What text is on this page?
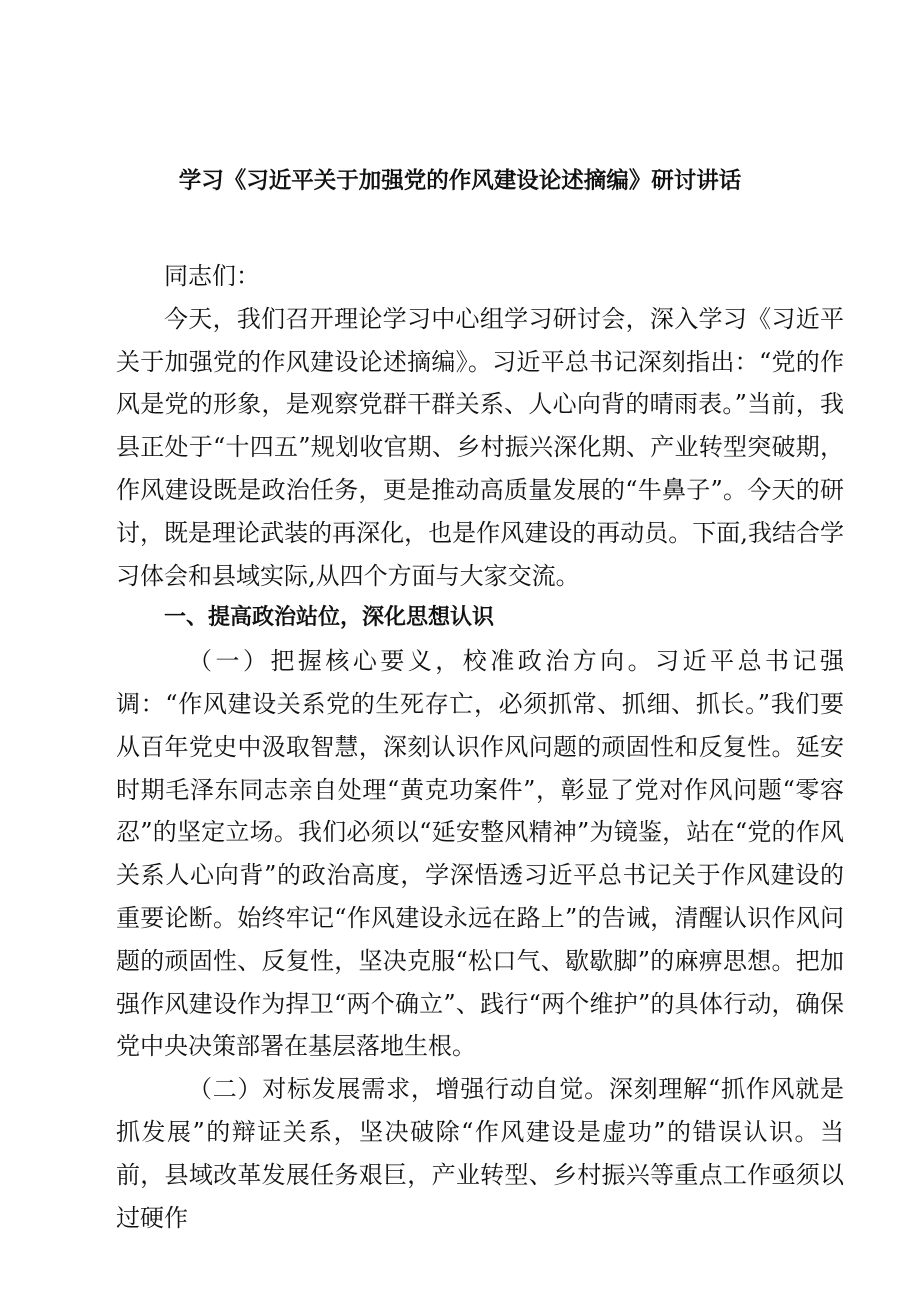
学习《习近平关于加强党的作风建设论述摘编》研讨讲话

同志们：

今天，我们召开理论学习中心组学习研讨会，深入学习《习近平关于加强党的作风建设论述摘编》。习近平总书记深刻指出：“党的作风是党的形象，是观察党群干群关系、人心向背的晴雨表。”当前，我县正处于“十四五”规划收官期、乡村振兴深化期、产业转型突破期，作风建设既是政治任务，更是推动高质量发展的“牛鼻子”。今天的研讨，既是理论武装的再深化，也是作风建设的再动员。下面,我结合学习体会和县域实际,从四个方面与大家交流。

一、提高政治站位，深化思想认识

（一）把握核心要义，校准政治方向。习近平总书记强调：“作风建设关系党的生死存亡，必须抓常、抓细、抓长。”我们要从百年党史中汲取智慧，深刻认识作风问题的顽固性和反复性。延安时期毛泽东同志亲自处理“黄克功案件”，彰显了党对作风问题“零容忍”的坚定立场。我们必须以“延安整风精神”为镜鉴，站在“党的作风关系人心向背”的政治高度，学深悟透习近平总书记关于作风建设的重要论断。始终牢记“作风建设永远在路上”的告诫，清醒认识作风问题的顽固性、反复性，坚决克服“松口气、歇歇脚”的麻痹思想。把加强作风建设作为捍卫“两个确立”、践行“两个维护”的具体行动，确保党中央决策部署在基层落地生根。

（二）对标发展需求，增强行动自觉。深刻理解“抓作风就是抓发展”的辩证关系，坚决破除“作风建设是虚功”的错误认识。当前，县域改革发展任务艰巨，产业转型、乡村振兴等重点工作亟须以过硬作
